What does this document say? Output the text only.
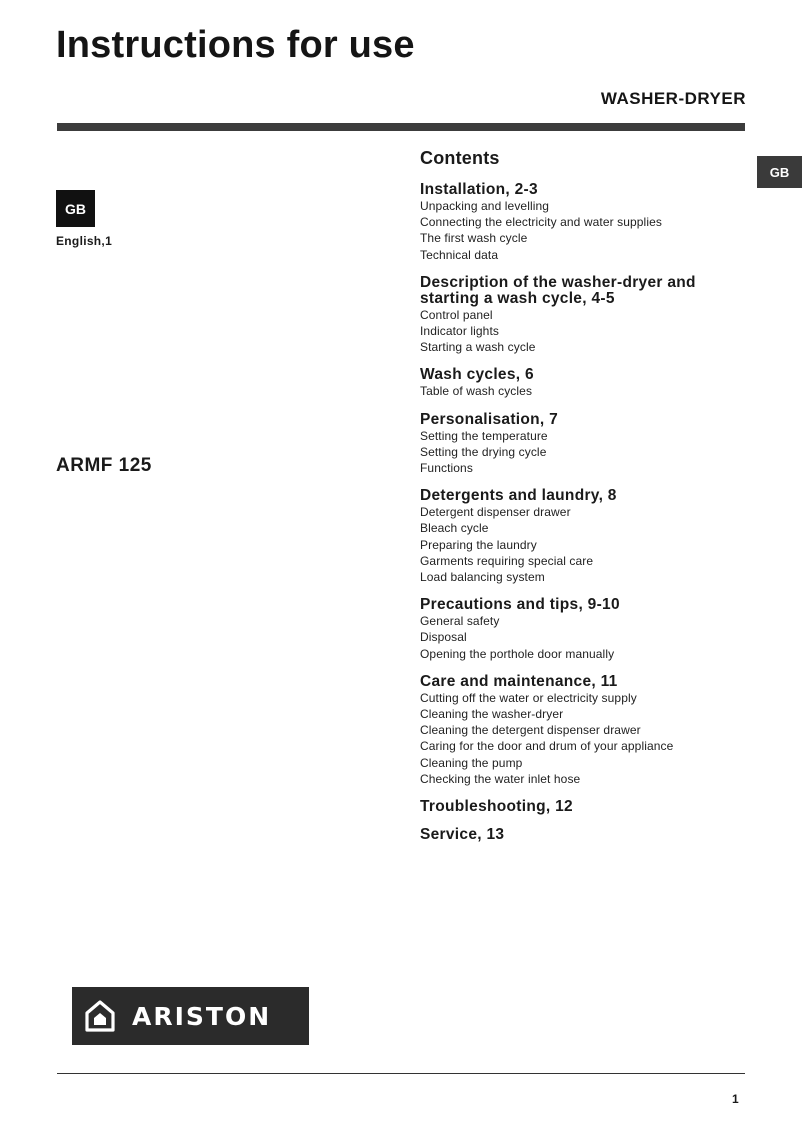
Instructions for use
WASHER-DRYER
GB
GB
English,1
ARMF 125
Contents
Installation, 2-3
Unpacking and levelling
Connecting the electricity and water supplies
The first wash cycle
Technical data
Description of the washer-dryer and starting a wash cycle, 4-5
Control panel
Indicator lights
Starting a wash cycle
Wash cycles, 6
Table of wash cycles
Personalisation, 7
Setting the temperature
Setting the drying cycle
Functions
Detergents and laundry, 8
Detergent dispenser drawer
Bleach cycle
Preparing the laundry
Garments requiring special care
Load balancing system
Precautions and tips, 9-10
General safety
Disposal
Opening the porthole door manually
Care and maintenance, 11
Cutting off the water or electricity supply
Cleaning the washer-dryer
Cleaning the detergent dispenser drawer
Caring for the door and drum of your appliance
Cleaning the pump
Checking the water inlet hose
Troubleshooting, 12
Service, 13
ARISTON
1
